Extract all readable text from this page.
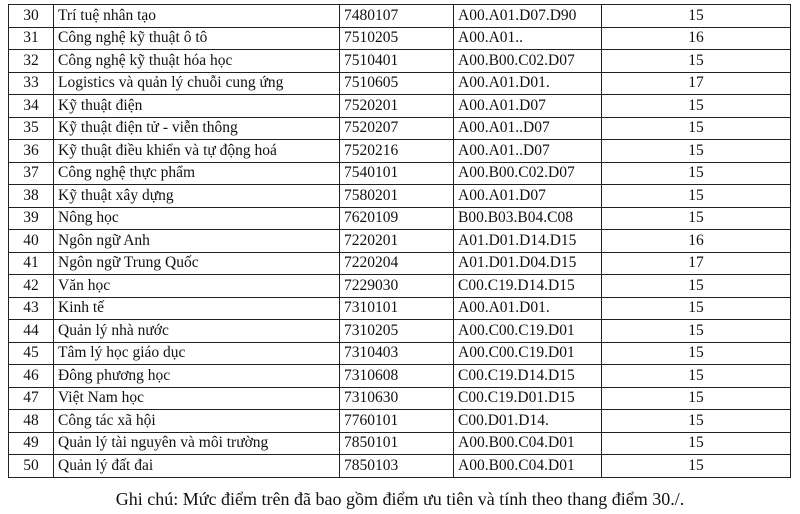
30	Trí tuệ nhân tạo	7480107	A00.A01.D07.D90	15
31	Công nghệ kỹ thuật ô tô	7510205	A00.A01..	16
32	Công nghệ kỹ thuật hóa học	7510401	A00.B00.C02.D07	15
33	Logistics và quản lý chuỗi cung ứng	7510605	A00.A01.D01.	17
34	Kỹ thuật điện	7520201	A00.A01.D07	15
35	Kỹ thuật điện tử - viễn thông	7520207	A00.A01..D07	15
36	Kỹ thuật điều khiển và tự động hoá	7520216	A00.A01..D07	15
37	Công nghệ thực phẩm	7540101	A00.B00.C02.D07	15
38	Kỹ thuật xây dựng	7580201	A00.A01.D07	15
39	Nông học	7620109	B00.B03.B04.C08	15
40	Ngôn ngữ Anh	7220201	A01.D01.D14.D15	16
41	Ngôn ngữ Trung Quốc	7220204	A01.D01.D04.D15	17
42	Văn học	7229030	C00.C19.D14.D15	15
43	Kinh tế	7310101	A00.A01.D01.	15
44	Quản lý nhà nước	7310205	A00.C00.C19.D01	15
45	Tâm lý học giáo dục	7310403	A00.C00.C19.D01	15
46	Đông phương học	7310608	C00.C19.D14.D15	15
47	Việt Nam học	7310630	C00.C19.D01.D15	15
48	Công tác xã hội	7760101	C00.D01.D14.	15
49	Quản lý tài nguyên và môi trường	7850101	A00.B00.C04.D01	15
50	Quản lý đất đai	7850103	A00.B00.C04.D01	15
Ghi chú: Mức điểm trên đã bao gồm điểm ưu tiên và tính theo thang điểm 30./.
